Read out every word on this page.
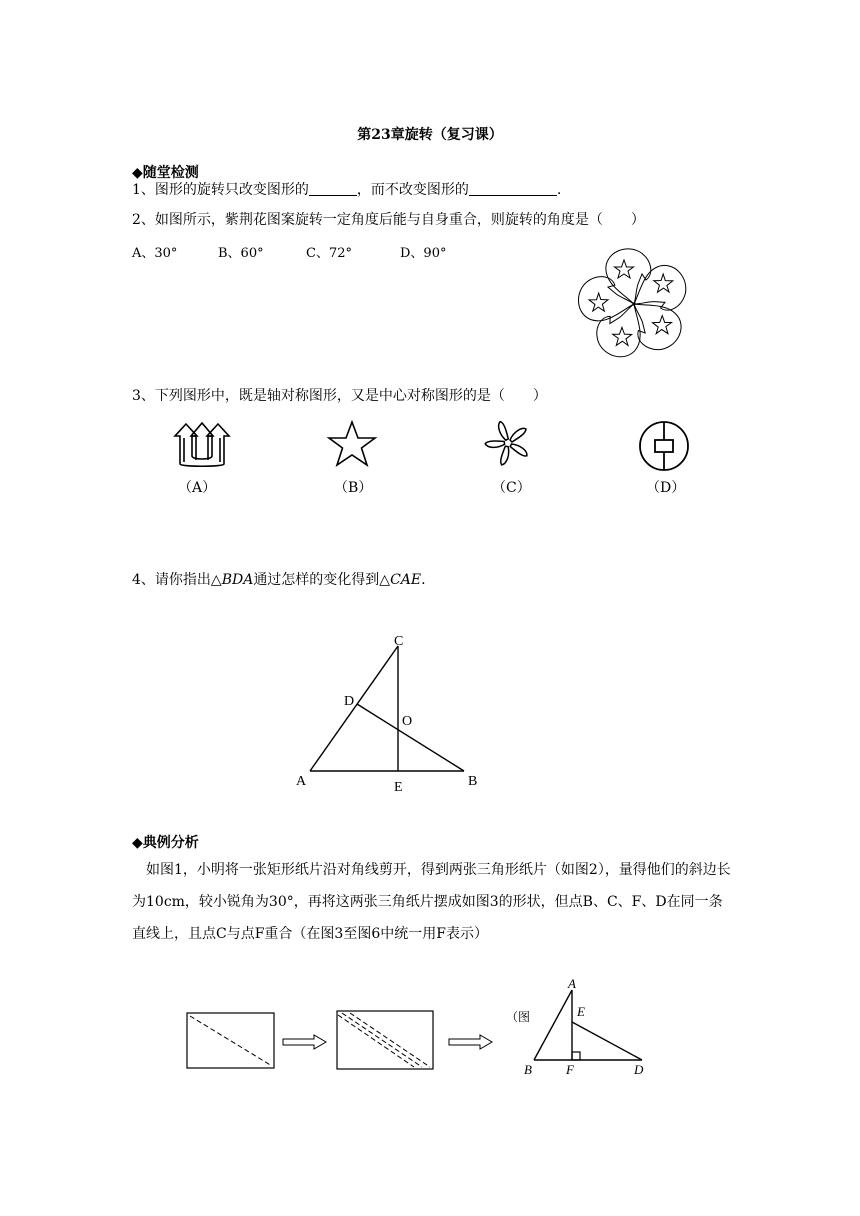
第23章旋转（复习课）
◆随堂检测
1、图形的旋转只改变图形的	，而不改变图形的	.
2、如图所示，紫荆花图案旋转一定角度后能与自身重合，则旋转的角度是（　　）
A、30°	B、60°	C、72°	D、90°
3、下列图形中，既是轴对称图形，又是中心对称图形的是（　　）
（A）	（B）	（C）	（D）
4、请你指出△BDA通过怎样的变化得到△CAE.
C
D
O
A	E	B
◆典例分析
如图1，小明将一张矩形纸片沿对角线剪开，得到两张三角形纸片（如图2），量得他们的斜边长为10cm，较小锐角为30°，再将这两张三角纸片摆成如图3的形状，但点B、C、F、D在同一条直线上，且点C与点F重合（在图3至图6中统一用F表示）
（图
A
E
B	F	D
